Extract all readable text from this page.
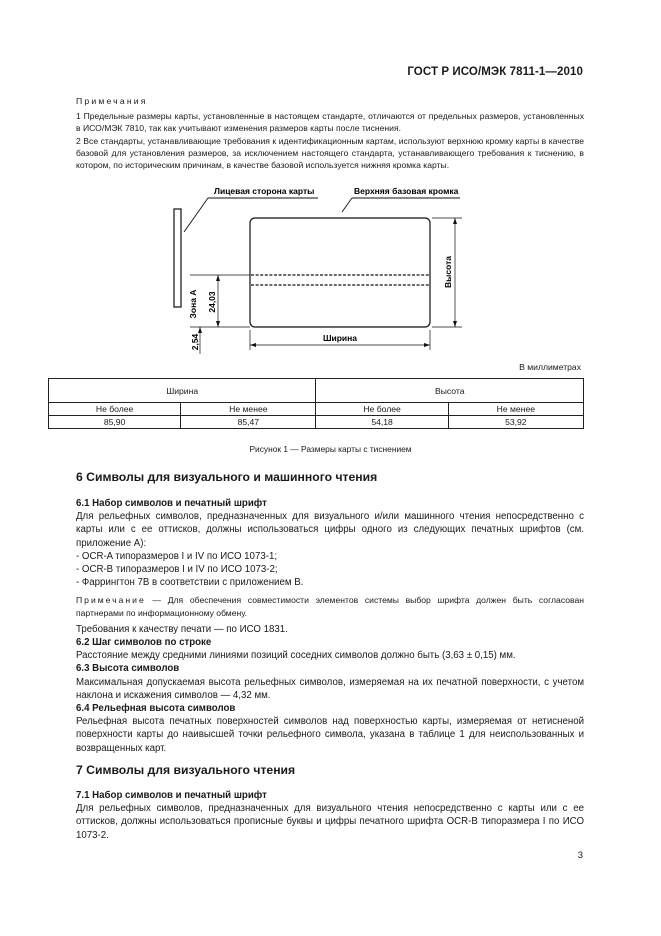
ГОСТ Р ИСО/МЭК 7811-1—2010
Примечания

1 Предельные размеры карты, установленные в настоящем стандарте, отличаются от предельных размеров, установленных в ИСО/МЭК 7810, так как учитывают изменения размеров карты после тиснения.

2 Все стандарты, устанавливающие требования к идентификационным картам, используют верхнюю кромку карты в качестве базовой для установления размеров, за исключением настоящего стандарта, устанавливающего требования к тиснению, в котором, по историческим причинам, в качестве базовой используется нижняя кромка карты.

Лицевая сторона карты	Верхняя базовая кромка
Зона А 24,03
2,54
Высота
Ширина
В миллиметрах
Ширина		Высота	
Не более	Не менее	Не более	Не менее
85,90	85,47	54,18	53,92
Рисунок 1 — Размеры карты с тиснением
6 Символы для визуального и машинного чтения
6.1 Набор символов и печатный шрифт

Для рельефных символов, предназначенных для визуального и/или машинного чтения непосредственно с карты или с ее оттисков, должны использоваться цифры одного из следующих печатных шрифтов (см. приложение А):

- OCR-A типоразмеров I и IV по ИСО 1073-1;
- OCR-B типоразмеров I и IV по ИСО 1073-2;
- Фаррингтон 7В в соответствии с приложением В.

Примечание — Для обеспечения совместимости элементов системы выбор шрифта должен быть согласован партнерами по информационному обмену.

Требования к качеству печати — по ИСО 1831.

6.2 Шаг символов по строке

Расстояние между средними линиями позиций соседних символов должно быть (3,63 ± 0,15) мм.

6.3 Высота символов

Максимальная допускаемая высота рельефных символов, измеряемая на их печатной поверхности, с учетом наклона и искажения символов — 4,32 мм.

6.4 Рельефная высота символов

Рельефная высота печатных поверхностей символов над поверхностью карты, измеряемая от нетисненой поверхности карты до наивысшей точки рельефного символа, указана в таблице 1 для неиспользованных и возвращенных карт.

7 Символы для визуального чтения
7.1 Набор символов и печатный шрифт

Для рельефных символов, предназначенных для визуального чтения непосредственно с карты или с ее оттисков, должны использоваться прописные буквы и цифры печатного шрифта OCR-B типоразмера I по ИСО 1073-2.

3
